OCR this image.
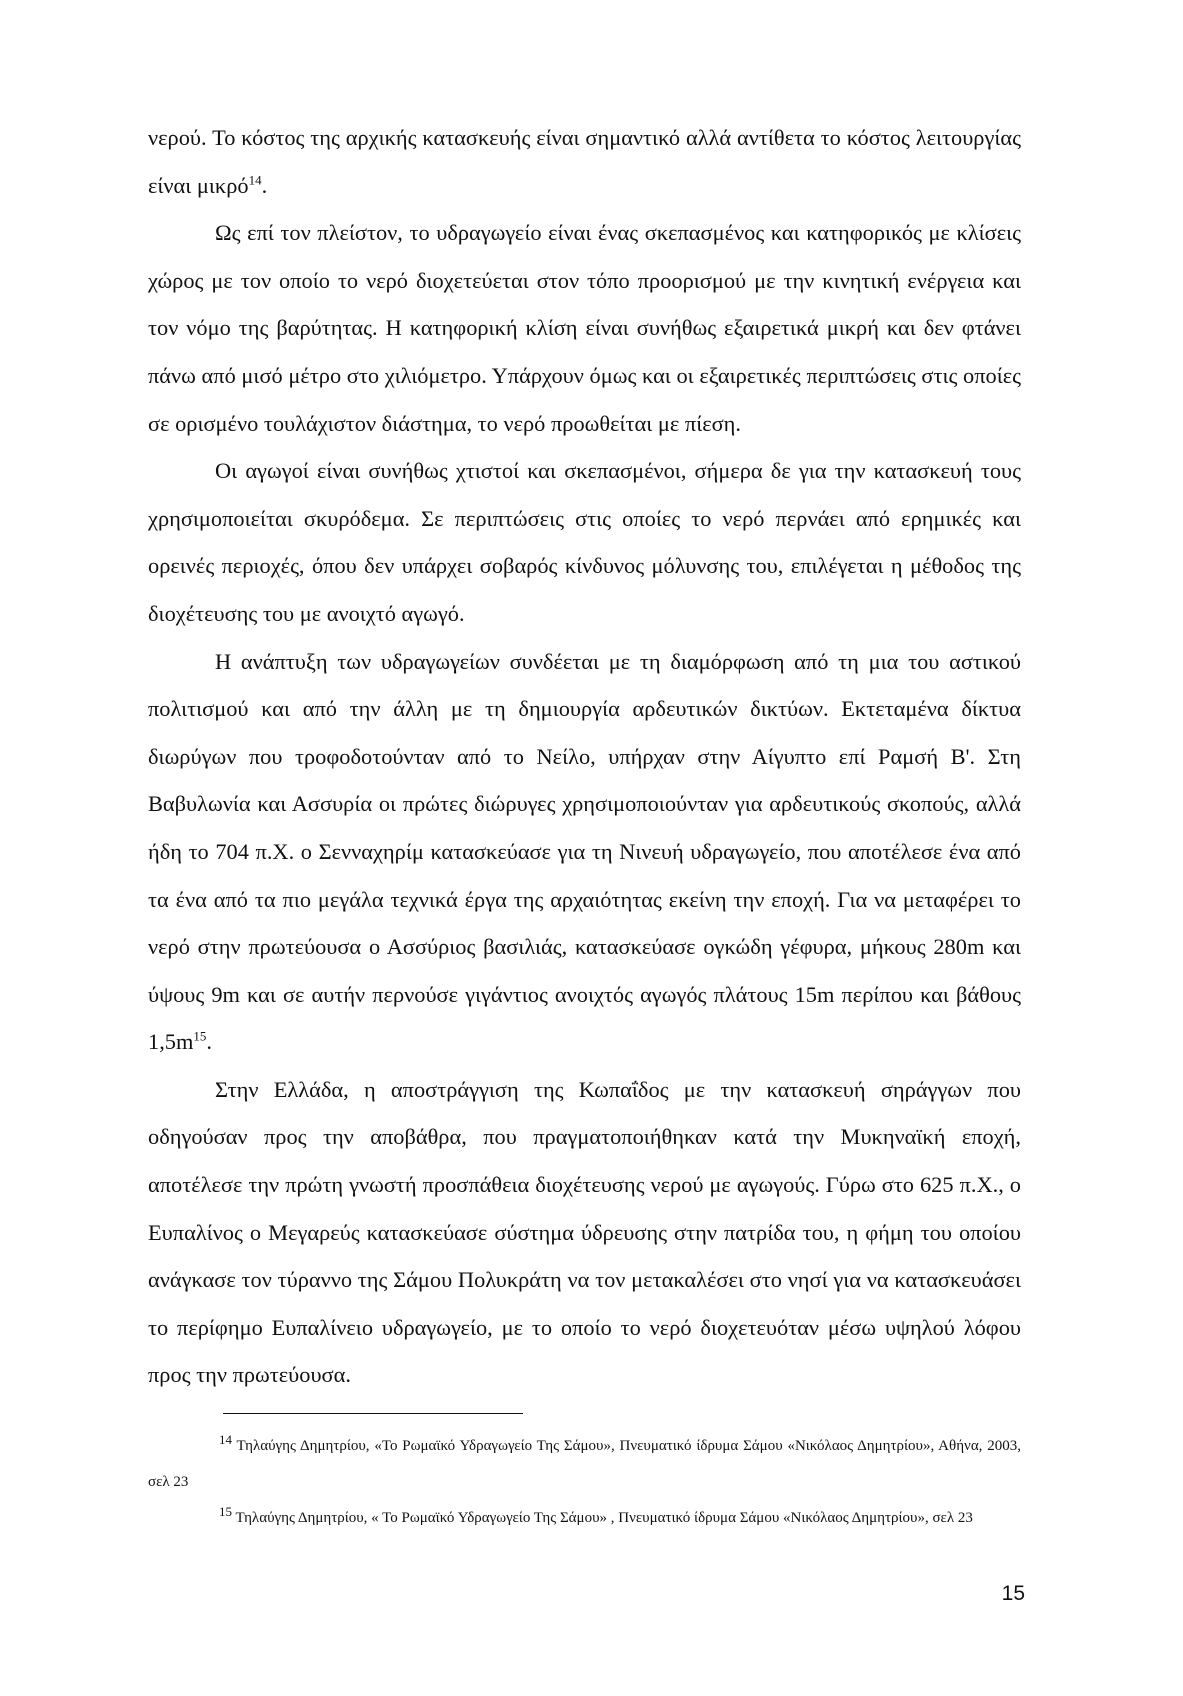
νερού. Το κόστος της αρχικής κατασκευής είναι σημαντικό αλλά αντίθετα το κόστος λειτουργίας είναι μικρό$^{14}$.

Ως επί τον πλείστον, το υδραγωγείο είναι ένας σκεπασμένος και κατηφορικός με κλίσεις χώρος με τον οποίο το νερό διοχετεύεται στον τόπο προορισμού με την κινητική ενέργεια και τον νόμο της βαρύτητας. Η κατηφορική κλίση είναι συνήθως εξαιρετικά μικρή και δεν φτάνει πάνω από μισό μέτρο στο χιλιόμετρο. Υπάρχουν όμως και οι εξαιρετικές περιπτώσεις στις οποίες σε ορισμένο τουλάχιστον διάστημα, το νερό προωθείται με πίεση.

Οι αγωγοί είναι συνήθως χτιστοί και σκεπασμένοι, σήμερα δε για την κατασκευή τους χρησιμοποιείται σκυρόδεμα. Σε περιπτώσεις στις οποίες το νερό περνάει από ερημικές και ορεινές περιοχές, όπου δεν υπάρχει σοβαρός κίνδυνος μόλυνσης του, επιλέγεται η μέθοδος της διοχέτευσης του με ανοιχτό αγωγό.

Η ανάπτυξη των υδραγωγείων συνδέεται με τη διαμόρφωση από τη μια του αστικού πολιτισμού και από την άλλη με τη δημιουργία αρδευτικών δικτύων. Εκτεταμένα δίκτυα διωρύγων που τροφοδοτούνταν από το Νείλο, υπήρχαν στην Αίγυπτο επί Ραμσή Β'. Στη Βαβυλωνία και Ασσυρία οι πρώτες διώρυγες χρησιμοποιούνταν για αρδευτικούς σκοπούς, αλλά ήδη το 704 π.Χ. ο Σενναχηρίμ κατασκεύασε για τη Νινευή υδραγωγείο, που αποτέλεσε ένα από τα ένα από τα πιο μεγάλα τεχνικά έργα της αρχαιότητας εκείνη την εποχή. Για να μεταφέρει το νερό στην πρωτεύουσα ο Ασσύριος βασιλιάς, κατασκεύασε ογκώδη γέφυρα, μήκους 280m και ύψους 9m και σε αυτήν περνούσε γιγάντιος ανοιχτός αγωγός πλάτους 15m περίπου και βάθους $1,5m^{15}$.

Στην Ελλάδα, η αποστράγγιση της Κωπαΐδος με την κατασκευή σηράγγων που οδηγούσαν προς την αποβάθρα, που πραγματοποιήθηκαν κατά την Μυκηναϊκή εποχή, αποτέλεσε την πρώτη γνωστή προσπάθεια διοχέτευσης νερού με αγωγούς. Γύρω στο 625 π.Χ., ο Ευπαλίνος ο Μεγαρεύς κατασκεύασε σύστημα ύδρευσης στην πατρίδα του, η φήμη του οποίου ανάγκασε τον τύραννο της Σάμου Πολυκράτη να τον μετακαλέσει στο νησί για να κατασκευάσει το περίφημο Ευπαλίνειο υδραγωγείο, με το οποίο το νερό διοχετευόταν μέσω υψηλού λόφου προς την πρωτεύουσα.

$^{14}$ Τηλαύγης Δημητρίου, «Το Ρωμαϊκό Υδραγωγείο Της Σάμου», Πνευματικό ίδρυμα Σάμου «Νικόλαος Δημητρίου», Αθήνα, 2003, σελ 23

$^{15}$ Τηλαύγης Δημητρίου, « Το Ρωμαϊκό Υδραγωγείο Της Σάμου» , Πνευματικό ίδρυμα Σάμου «Νικόλαος Δημητρίου», σελ 23

15
